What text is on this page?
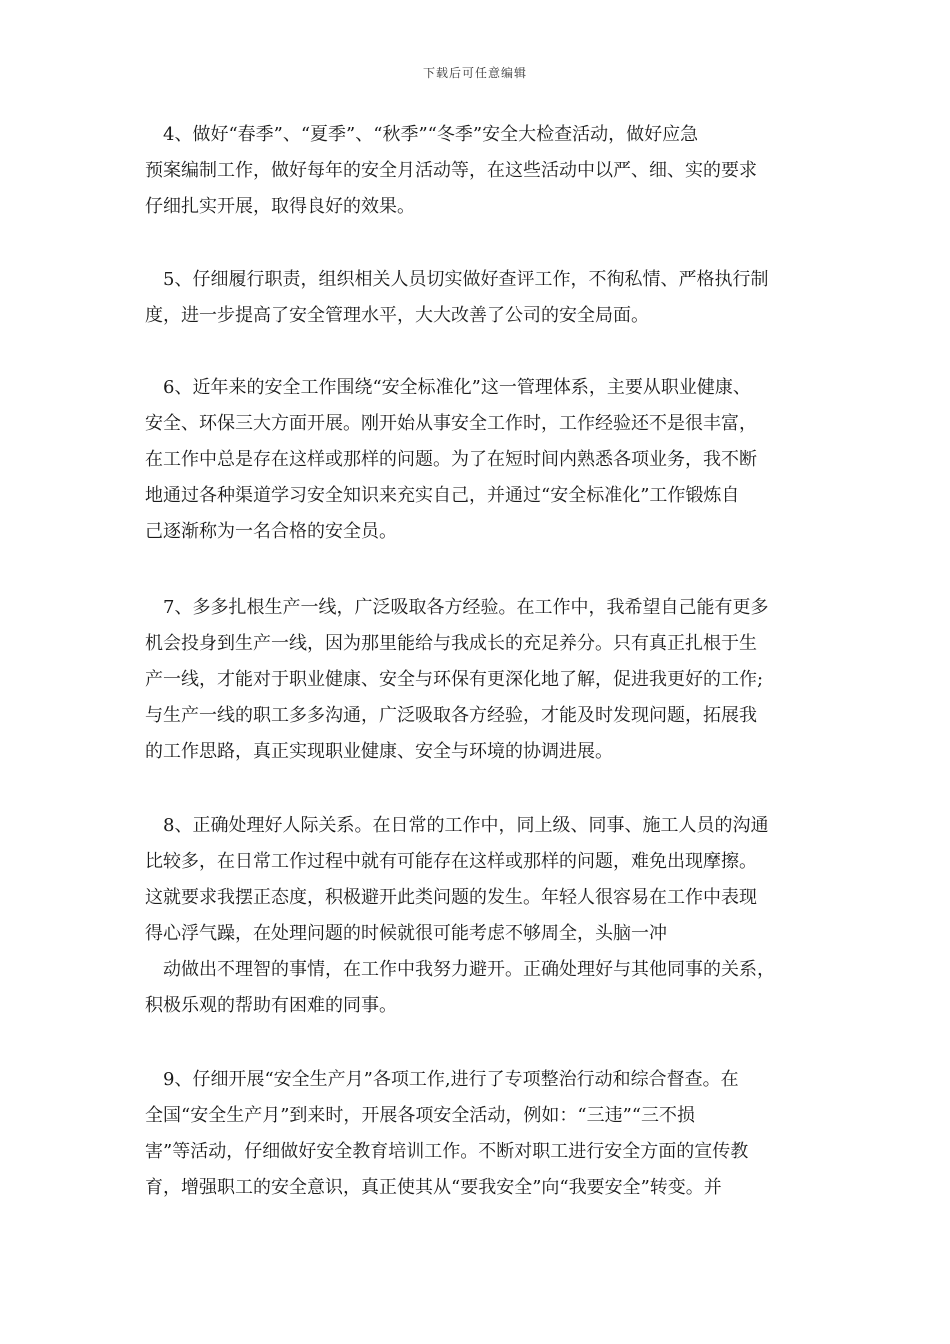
下载后可任意编辑
4、做好“春季”、“夏季”、“秋季”“冬季”安全大检查活动，做好应急
预案编制工作，做好每年的安全月活动等，在这些活动中以严、细、实的要求
仔细扎实开展，取得良好的效果。
5、仔细履行职责，组织相关人员切实做好查评工作，不徇私情、严格执行制
度，进一步提高了安全管理水平，大大改善了公司的安全局面。
6、近年来的安全工作围绕“安全标准化”这一管理体系，主要从职业健康、
安全、环保三大方面开展。刚开始从事安全工作时，工作经验还不是很丰富，
在工作中总是存在这样或那样的问题。为了在短时间内熟悉各项业务，我不断
地通过各种渠道学习安全知识来充实自己，并通过“安全标准化”工作锻炼自
己逐渐称为一名合格的安全员。
7、多多扎根生产一线，广泛吸取各方经验。在工作中，我希望自己能有更多
机会投身到生产一线，因为那里能给与我成长的充足养分。只有真正扎根于生
产一线，才能对于职业健康、安全与环保有更深化地了解，促进我更好的工作;
与生产一线的职工多多沟通，广泛吸取各方经验，才能及时发现问题，拓展我
的工作思路，真正实现职业健康、安全与环境的协调进展。
8、正确处理好人际关系。在日常的工作中，同上级、同事、施工人员的沟通
比较多，在日常工作过程中就有可能存在这样或那样的问题，难免出现摩擦。
这就要求我摆正态度，积极避开此类问题的发生。年轻人很容易在工作中表现
得心浮气躁，在处理问题的时候就很可能考虑不够周全，头脑一冲
动做出不理智的事情，在工作中我努力避开。正确处理好与其他同事的关系，
积极乐观的帮助有困难的同事。
9、仔细开展“安全生产月”各项工作,进行了专项整治行动和综合督查。在
全国“安全生产月”到来时，开展各项安全活动，例如：“三违”“三不损
害”等活动，仔细做好安全教育培训工作。不断对职工进行安全方面的宣传教
育，增强职工的安全意识，真正使其从“要我安全”向“我要安全”转变。并
